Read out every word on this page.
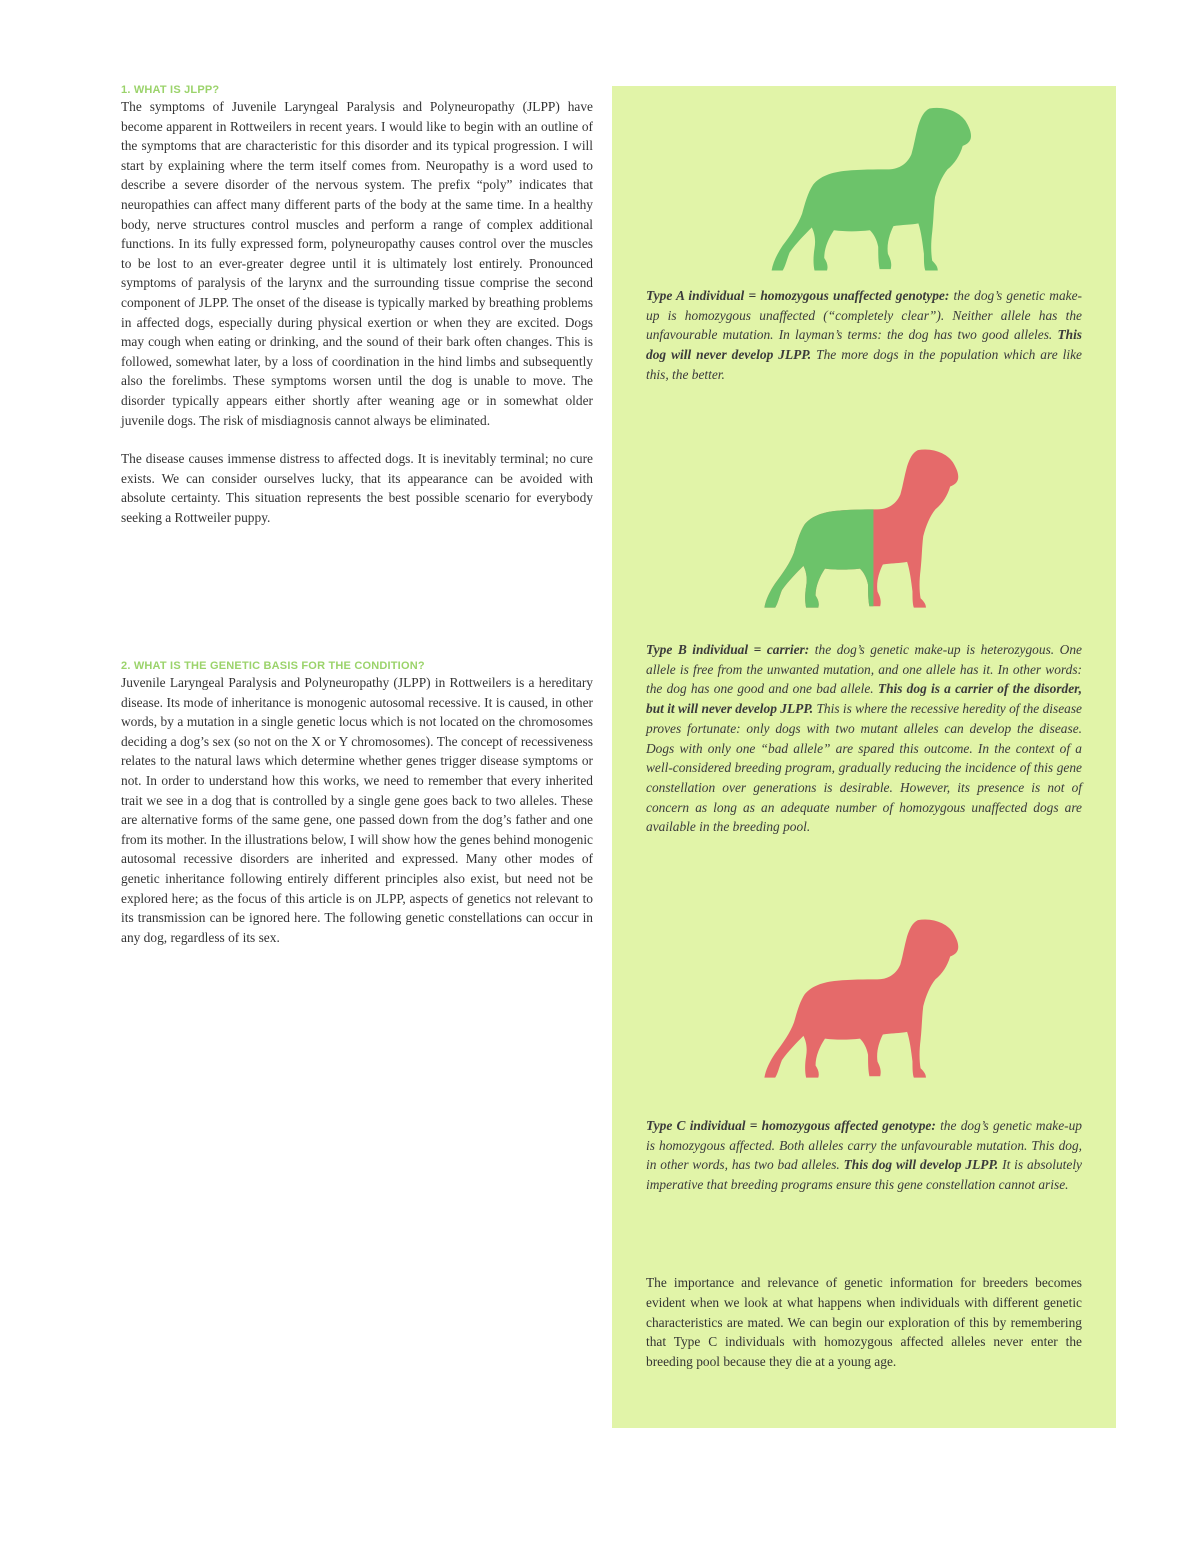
1. WHAT IS JLPP?

The symptoms of Juvenile Laryngeal Paralysis and Polyneuropathy (JLPP) have become apparent in Rottweilers in recent years. I would like to begin with an outline of the symptoms that are characteristic for this disorder and its typical progression. I will start by explaining where the term itself comes from. Neuropathy is a word used to describe a severe disorder of the nervous system. The prefix “poly” indicates that neuropathies can affect many different parts of the body at the same time. In a healthy body, nerve structures control muscles and perform a range of complex additional functions. In its fully expressed form, polyneuropathy causes control over the muscles to be lost to an ever-greater degree until it is ultimately lost entirely. Pronounced symptoms of paralysis of the larynx and the surrounding tissue comprise the second component of JLPP. The onset of the disease is typically marked by breathing problems in affected dogs, especially during physical exertion or when they are excited. Dogs may cough when eating or drinking, and the sound of their bark often changes. This is followed, somewhat later, by a loss of coordination in the hind limbs and subsequently also the forelimbs. These symptoms worsen until the dog is unable to move. The disorder typically appears either shortly after weaning age or in somewhat older juvenile dogs. The risk of misdiagnosis cannot always be eliminated.

The disease causes immense distress to affected dogs. It is inevitably terminal; no cure exists. We can consider ourselves lucky, that its appearance can be avoided with absolute certainty. This situation represents the best possible scenario for everybody seeking a Rottweiler puppy.

2. WHAT IS THE GENETIC BASIS FOR THE CONDITION?

Juvenile Laryngeal Paralysis and Polyneuropathy (JLPP) in Rottweilers is a hereditary disease. Its mode of inheritance is monogenic autosomal recessive. It is caused, in other words, by a mutation in a single genetic locus which is not located on the chromosomes deciding a dog’s sex (so not on the X or Y chromosomes). The concept of recessiveness relates to the natural laws which determine whether genes trigger disease symptoms or not. In order to understand how this works, we need to remember that every inherited trait we see in a dog that is controlled by a single gene goes back to two alleles. These are alternative forms of the same gene, one passed down from the dog’s father and one from its mother. In the illustrations below, I will show how the genes behind monogenic autosomal recessive disorders are inherited and expressed. Many other modes of genetic inheritance following entirely different principles also exist, but need not be explored here; as the focus of this article is on JLPP, aspects of genetics not relevant to its transmission can be ignored here. The following genetic constellations can occur in any dog, regardless of its sex.

Type A individual = homozygous unaffected genotype: the dog’s genetic make-up is homozygous unaffected (“completely clear”). Neither allele has the unfavourable mutation. In layman’s terms: the dog has two good alleles. This dog will never develop JLPP. The more dogs in the population which are like this, the better.

Type B individual = carrier: the dog’s genetic make-up is heterozygous. One allele is free from the unwanted mutation, and one allele has it. In other words: the dog has one good and one bad allele. This dog is a carrier of the disorder, but it will never develop JLPP. This is where the recessive heredity of the disease proves fortunate: only dogs with two mutant alleles can develop the disease. Dogs with only one “bad allele” are spared this outcome. In the context of a well-considered breeding program, gradually reducing the incidence of this gene constellation over generations is desirable. However, its presence is not of concern as long as an adequate number of homozygous unaffected dogs are available in the breeding pool.

Type C individual = homozygous affected genotype: the dog’s genetic make-up is homozygous affected. Both alleles carry the unfavourable mutation. This dog, in other words, has two bad alleles. This dog will develop JLPP. It is absolutely imperative that breeding programs ensure this gene constellation cannot arise.

The importance and relevance of genetic information for breeders becomes evident when we look at what happens when individuals with different genetic characteristics are mated. We can begin our exploration of this by remembering that Type C individuals with homozygous affected alleles never enter the breeding pool because they die at a young age.
